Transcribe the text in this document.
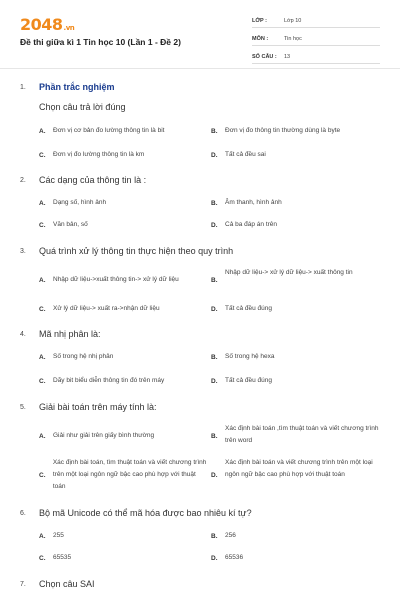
2048.vn
Đề thi giữa kì 1 Tin học 10 (Lần 1 - Đề 2)
LỚP :	Lớp 10
MÔN :	Tin học
SỐ CÂU :	13
1. Phần trắc nghiệm
Chọn câu trả lời đúng
A.	Đơn vị cơ bản đo lường thông tin là bit	B.	Đơn vị đo thông tin thường dùng là byte
C.	Đơn vị đo lường thông tin là km	D.	Tất cả đều sai
2. Các dạng của thông tin là :
A.	Dạng số, hình ảnh	B.	Âm thanh, hình ảnh
C.	Văn bản, số	D.	Cả ba đáp án trên
3. Quá trình xử lý thông tin thực hiện theo quy trình
A.	Nhập dữ liệu->xuất thông tin-> xử lý dữ liệu	B.
Nhập dữ liệu-> xử lý dữ liệu-> xuất thông tin
C.	Xử lý dữ liệu-> xuất ra->nhận dữ liệu	D.	Tất cả đều đúng
4. Mã nhị phân là:
A.	Số trong hệ nhị phân	B.	Số trong hệ hexa
C.	Dãy bit biểu diễn thông tin đó trên máy	D.	Tất cả đều đúng
5. Giải bài toán trên máy tính là:
A.	Giải như giải trên giấy bình thường	B.
Xác định bài toán ,tìm thuật toán và viết chương trình trên word
C.
Xác định bài toán, tìm thuật toán và viết chương trình trên một loại ngôn ngữ bậc cao phù hợp với thuật toán
D.
Xác định bài toán và viết chương trình trên một loại ngôn ngữ bậc cao phù hợp với thuật toán
6. Bộ mã Unicode có thể mã hóa được bao nhiêu kí tự?
A.	255	B.	256
C.	65535	D.	65536
7. Chọn câu SAI
